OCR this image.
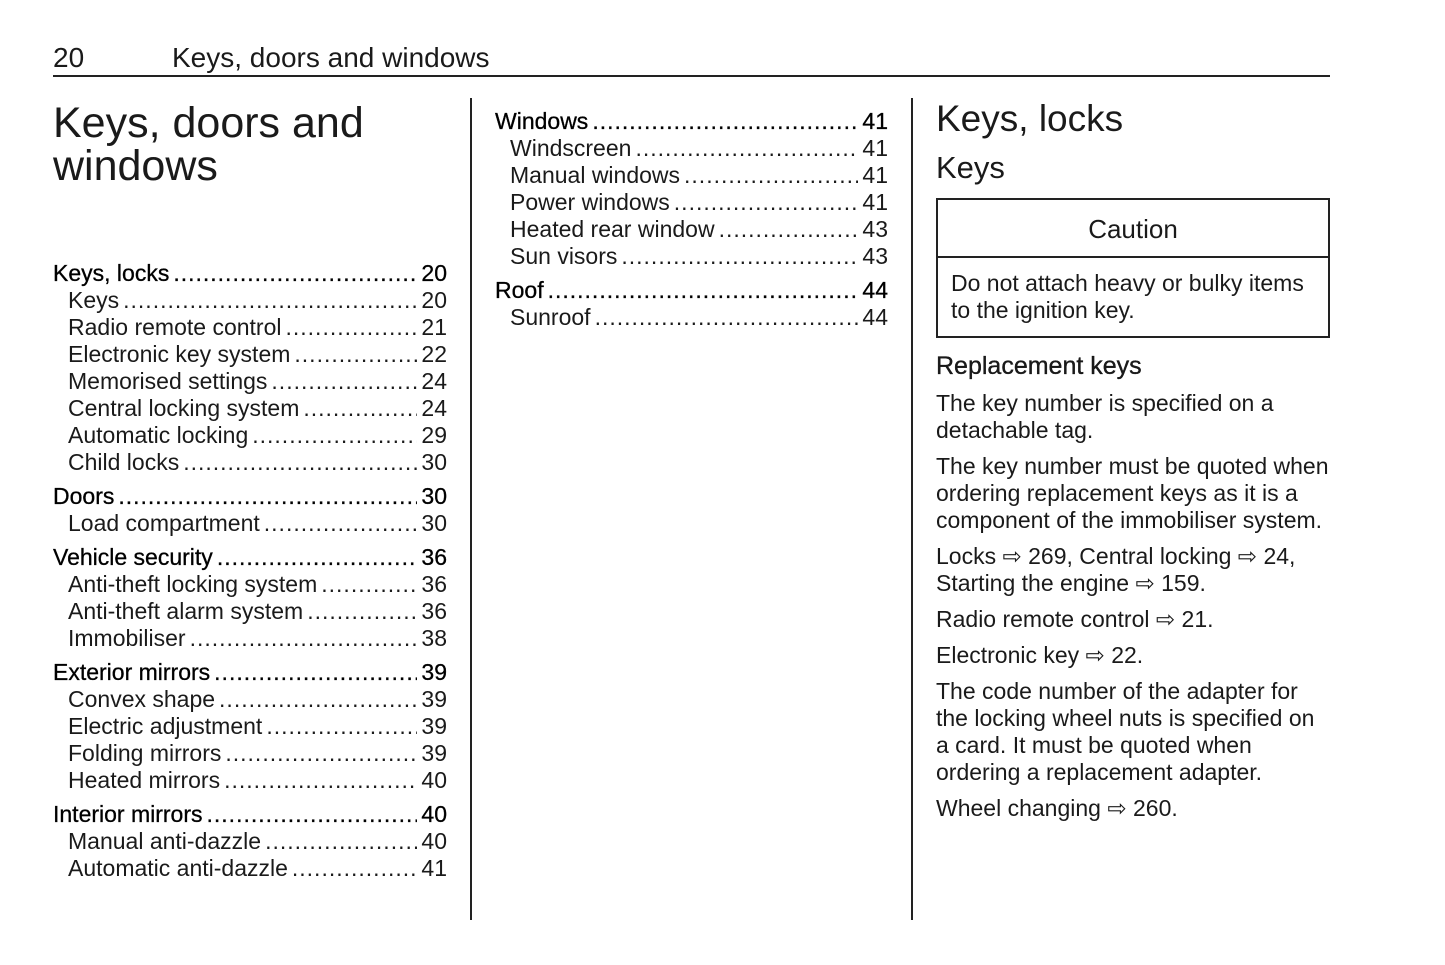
20	Keys, doors and windows
Keys, doors and
windows
Keys, locks .....	20
Keys .....	20
Radio remote control .....	21
Electronic key system .....	22
Memorised settings .....	24
Central locking system .....	24
Automatic locking .....	29
Child locks .....	30
Doors .....	30
Load compartment .....	30
Vehicle security .....	36
Anti-theft locking system .....	36
Anti-theft alarm system .....	36
Immobiliser .....	38
Exterior mirrors .....	39
Convex shape .....	39
Electric adjustment .....	39
Folding mirrors .....	39
Heated mirrors .....	40
Interior mirrors .....	40
Manual anti-dazzle .....	40
Automatic anti-dazzle .....	41
Windows .....	41
Windscreen .....	41
Manual windows .....	41
Power windows .....	41
Heated rear window .....	43
Sun visors .....	43
Roof .....	44
Sunroof .....	44
Keys, locks
Keys
Caution
Do not attach heavy or bulky items to the ignition key.
Replacement keys
The key number is specified on a detachable tag.
The key number must be quoted when ordering replacement keys as it is a component of the immobiliser system.
Locks ⇨ 269, Central locking ⇨ 24, Starting the engine ⇨ 159.
Radio remote control ⇨ 21.
Electronic key ⇨ 22.
The code number of the adapter for the locking wheel nuts is specified on a card. It must be quoted when ordering a replacement adapter.
Wheel changing ⇨ 260.
